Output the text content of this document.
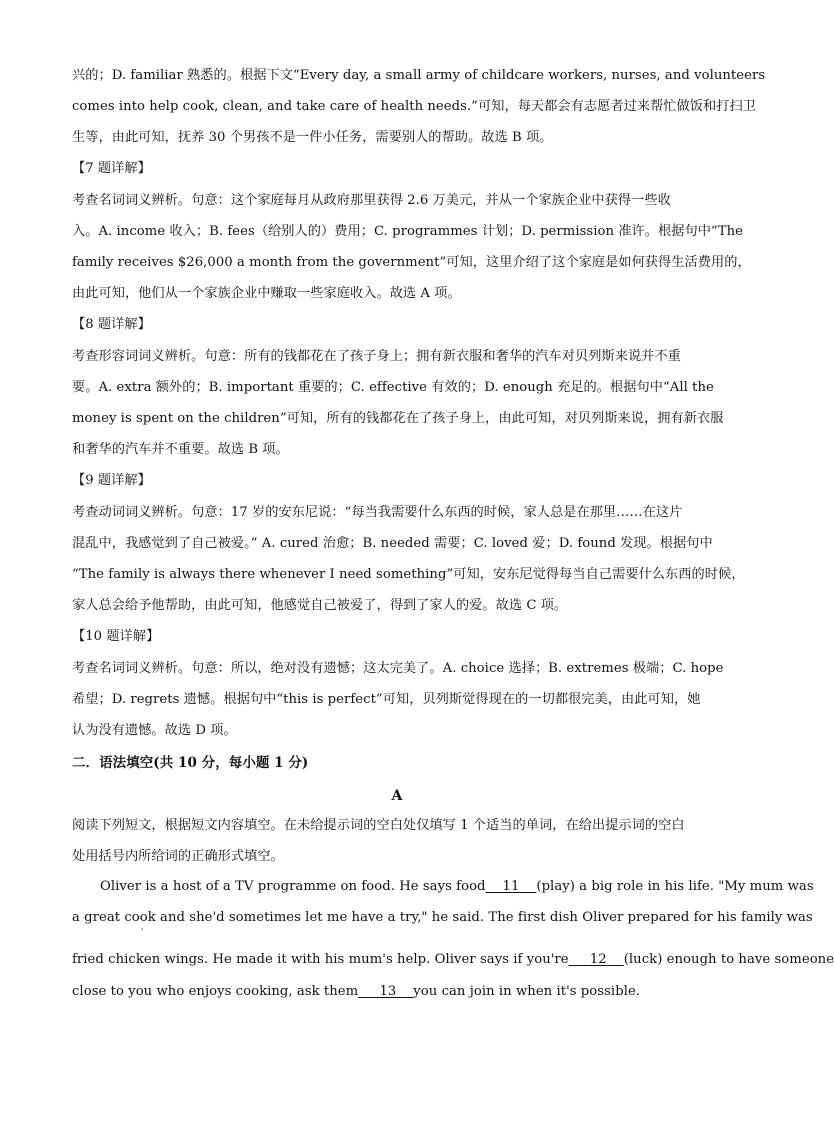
兴的；D. familiar 熟悉的。根据下文“Every day, a small army of childcare workers, nurses, and volunteers
comes into help cook, clean, and take care of health needs.”可知，每天都会有志愿者过来帮忙做饭和打扫卫
生等，由此可知，抚养 30 个男孩不是一件小任务，需要别人的帮助。故选 B 项。
【7 题详解】
考查名词词义辨析。句意：这个家庭每月从政府那里获得 2.6 万美元，并从一个家族企业中获得一些收
入。A. income 收入；B. fees（给别人的）费用；C. programmes 计划；D. permission 准许。根据句中“The
family receives $26,000 a month from the government”可知，这里介绍了这个家庭是如何获得生活费用的，
由此可知，他们从一个家族企业中赚取一些家庭收入。故选 A 项。
【8 题详解】
考查形容词词义辨析。句意：所有的钱都花在了孩子身上；拥有新衣服和奢华的汽车对贝列斯来说并不重
要。A. extra 额外的；B. important 重要的；C. effective 有效的；D. enough 充足的。根据句中“All the
money is spent on the children”可知，所有的钱都花在了孩子身上，由此可知，对贝列斯来说，拥有新衣服
和奢华的汽车并不重要。故选 B 项。
【9 题详解】
考查动词词义辨析。句意：17 岁的安东尼说：“每当我需要什么东西的时候，家人总是在那里……在这片
混乱中，我感觉到了自己被爱。” A. cured 治愈；B. needed 需要；C. loved 爱；D. found 发现。根据句中
“The family is always there whenever I need something”可知，安东尼觉得每当自己需要什么东西的时候，
家人总会给予他帮助，由此可知，他感觉自己被爱了，得到了家人的爱。故选 C 项。
【10 题详解】
考查名词词义辨析。句意：所以，绝对没有遗憾；这太完美了。A. choice 选择；B. extremes 极端；C. hope
希望；D. regrets 遗憾。根据句中“this is perfect”可知，贝列斯觉得现在的一切都很完美，由此可知，她
认为没有遗憾。故选 D 项。
二．语法填空(共 10 分，每小题 1 分)
A
阅读下列短文，根据短文内容填空。在未给提示词的空白处仅填写 1 个适当的单词，在给出提示词的空白
处用括号内所给词的正确形式填空。
Oliver is a host of a TV programme on food. He says food 11 (play) a big role in his life. "My mum was
a great cook and she'd sometimes let me have a try," he said. The first dish Oliver prepared for his family was
'
fried chicken wings. He made it with his mum's help. Oliver says if you're 12 (luck) enough to have someone
close to you who enjoys cooking, ask them 13 you can join in when it's possible.
